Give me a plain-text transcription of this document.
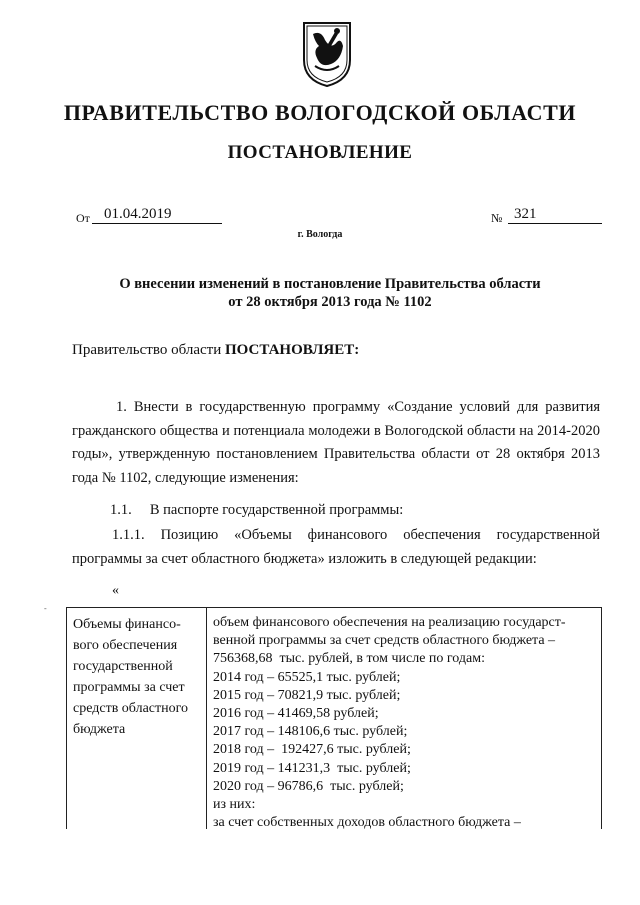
ПРАВИТЕЛЬСТВО ВОЛОГОДСКОЙ ОБЛАСТИ
ПОСТАНОВЛЕНИЕ
От 01.04.2019	№ 321
г. Вологда
О внесении изменений в постановление Правительства области
от 28 октября 2013 года № 1102
Правительство области ПОСТАНОВЛЯЕТ:
1. Внести в государственную программу «Создание условий для развития гражданского общества и потенциала молодежи в Вологодской области на 2014-2020 годы», утвержденную постановлением Правительства области от 28 октября 2013 года № 1102, следующие изменения:
1.1.     В паспорте государственной программы:
1.1.1. Позицию «Объемы финансового обеспечения государственной программы за счет областного бюджета» изложить в следующей редакции:
«
Объемы финансо-
вого обеспечения
государственной
программы за счет
средств областного
бюджета
объем финансового обеспечения на реализацию государст-
венной программы за счет средств областного бюджета –
756368,68  тыс. рублей, в том числе по годам:
2014 год – 65525,1 тыс. рублей;
2015 год – 70821,9 тыс. рублей;
2016 год – 41469,58 рублей;
2017 год – 148106,6 тыс. рублей;
2018 год –  192427,6 тыс. рублей;
2019 год – 141231,3  тыс. рублей;
2020 год – 96786,6  тыс. рублей;
из них:
за счет собственных доходов областного бюджета –
-
